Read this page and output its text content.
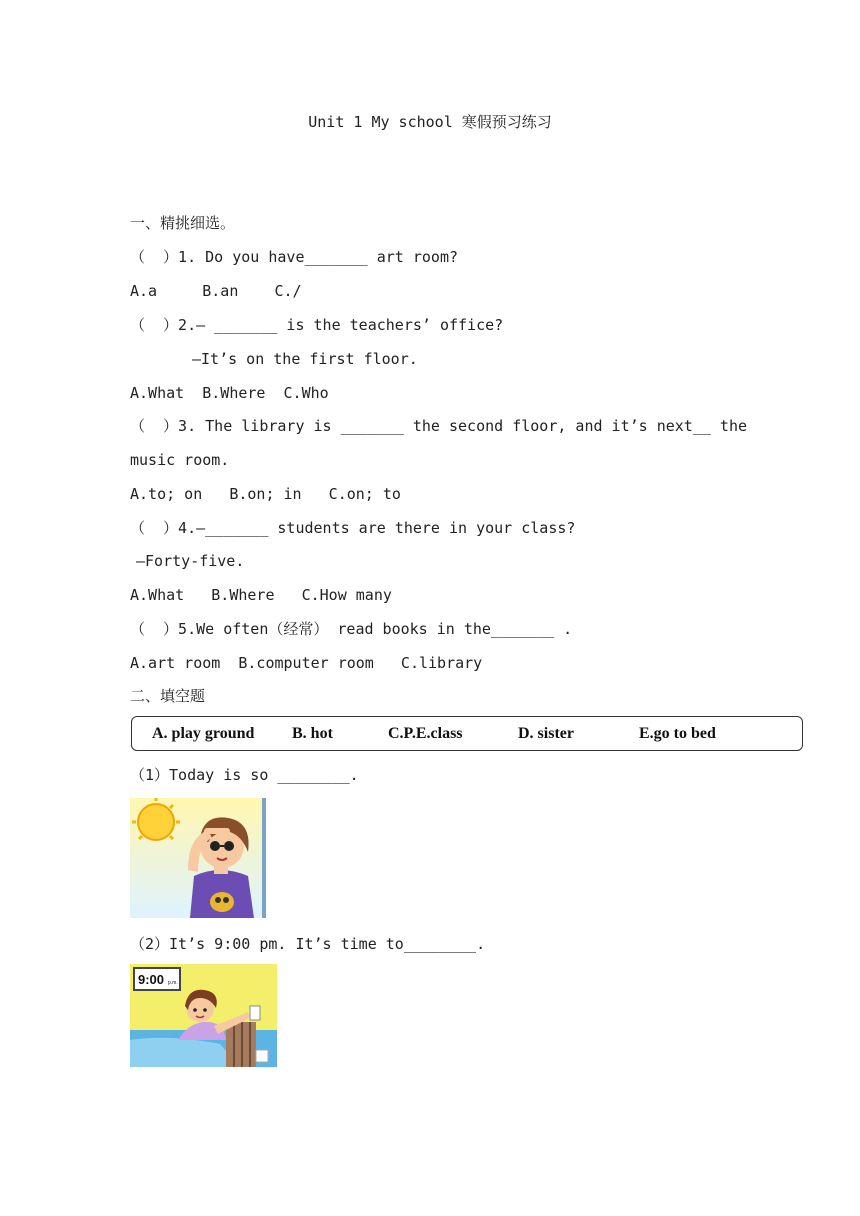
Unit 1 My school 寒假预习练习
一、精挑细选。
（  ）1. Do you have_______ art room?
A.a     B.an    C./
（  ）2.— _______ is the teachers’ office?
—It’s on the first floor.
A.What  B.Where  C.Who
（  ）3. The library is _______ the second floor, and it’s next__ the
music room.
A.to; on   B.on; in   C.on; to
（  ）4.—_______ students are there in your class?
—Forty-five.
A.What   B.Where   C.How many
（  ）5.We often（经常） read books in the_______ .
A.art room  B.computer room   C.library
二、填空题
A. play ground B. hot	C.P.E.class	D. sister	E.go to bed
（1）Today is so ________.
（2）It’s 9:00 pm. It’s time to________.
9:00 p.m.
